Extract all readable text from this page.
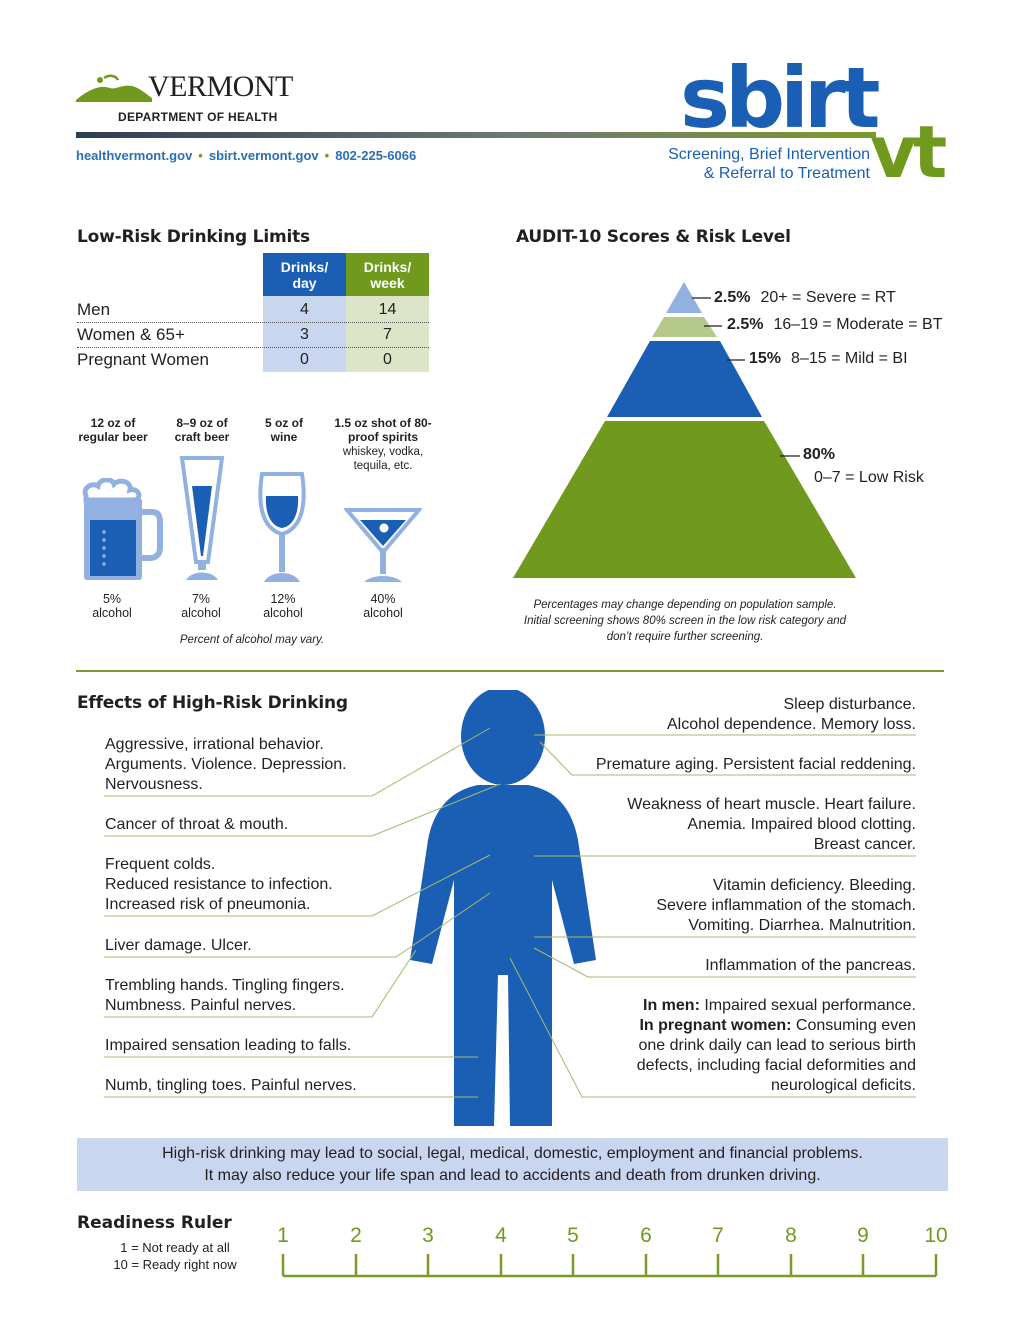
VERMONT
DEPARTMENT OF HEALTH
healthvermont.gov • sbirt.vermont.gov • 802-225-6066
sbirt
vt
Screening, Brief Intervention
& Referral to Treatment
Low-Risk Drinking Limits
Drinks/ day
Drinks/ week
Men	4	14
Women & 65+	3	7
Pregnant Women	0	0
12 oz of regular beer
8–9 oz of craft beer
5 oz of wine
1.5 oz shot of 80-proof spirits
whiskey, vodka, tequila, etc.
5%
alcohol
7%
alcohol
12%
alcohol
40%
alcohol
Percent of alcohol may vary.
AUDIT-10 Scores & Risk Level
2.5% 20+ = Severe = RT
2.5% 16–19 = Moderate = BT
15% 8–15 = Mild = BI
80%
0–7 = Low Risk
Percentages may change depending on population sample.
Initial screening shows 80% screen in the low risk category and
don’t require further screening.
Effects of High-Risk Drinking
Aggressive, irrational behavior.
Arguments. Violence. Depression.
Nervousness.
Cancer of throat & mouth.
Frequent colds.
Reduced resistance to infection.
Increased risk of pneumonia.
Liver damage. Ulcer.
Trembling hands. Tingling fingers.
Numbness. Painful nerves.
Impaired sensation leading to falls.
Numb, tingling toes. Painful nerves.
Sleep disturbance.
Alcohol dependence. Memory loss.
Premature aging. Persistent facial reddening.
Weakness of heart muscle. Heart failure.
Anemia. Impaired blood clotting.
Breast cancer.
Vitamin deficiency. Bleeding.
Severe inflammation of the stomach.
Vomiting. Diarrhea. Malnutrition.
Inflammation of the pancreas.
In men: Impaired sexual performance.
In pregnant women: Consuming even
one drink daily can lead to serious birth
defects, including facial deformities and
neurological deficits.
High-risk drinking may lead to social, legal, medical, domestic, employment and financial problems.
It may also reduce your life span and lead to accidents and death from drunken driving.
Readiness Ruler
1 = Not ready at all
10 = Ready right now
1	2	3	4	5	6	7	8	9	10
